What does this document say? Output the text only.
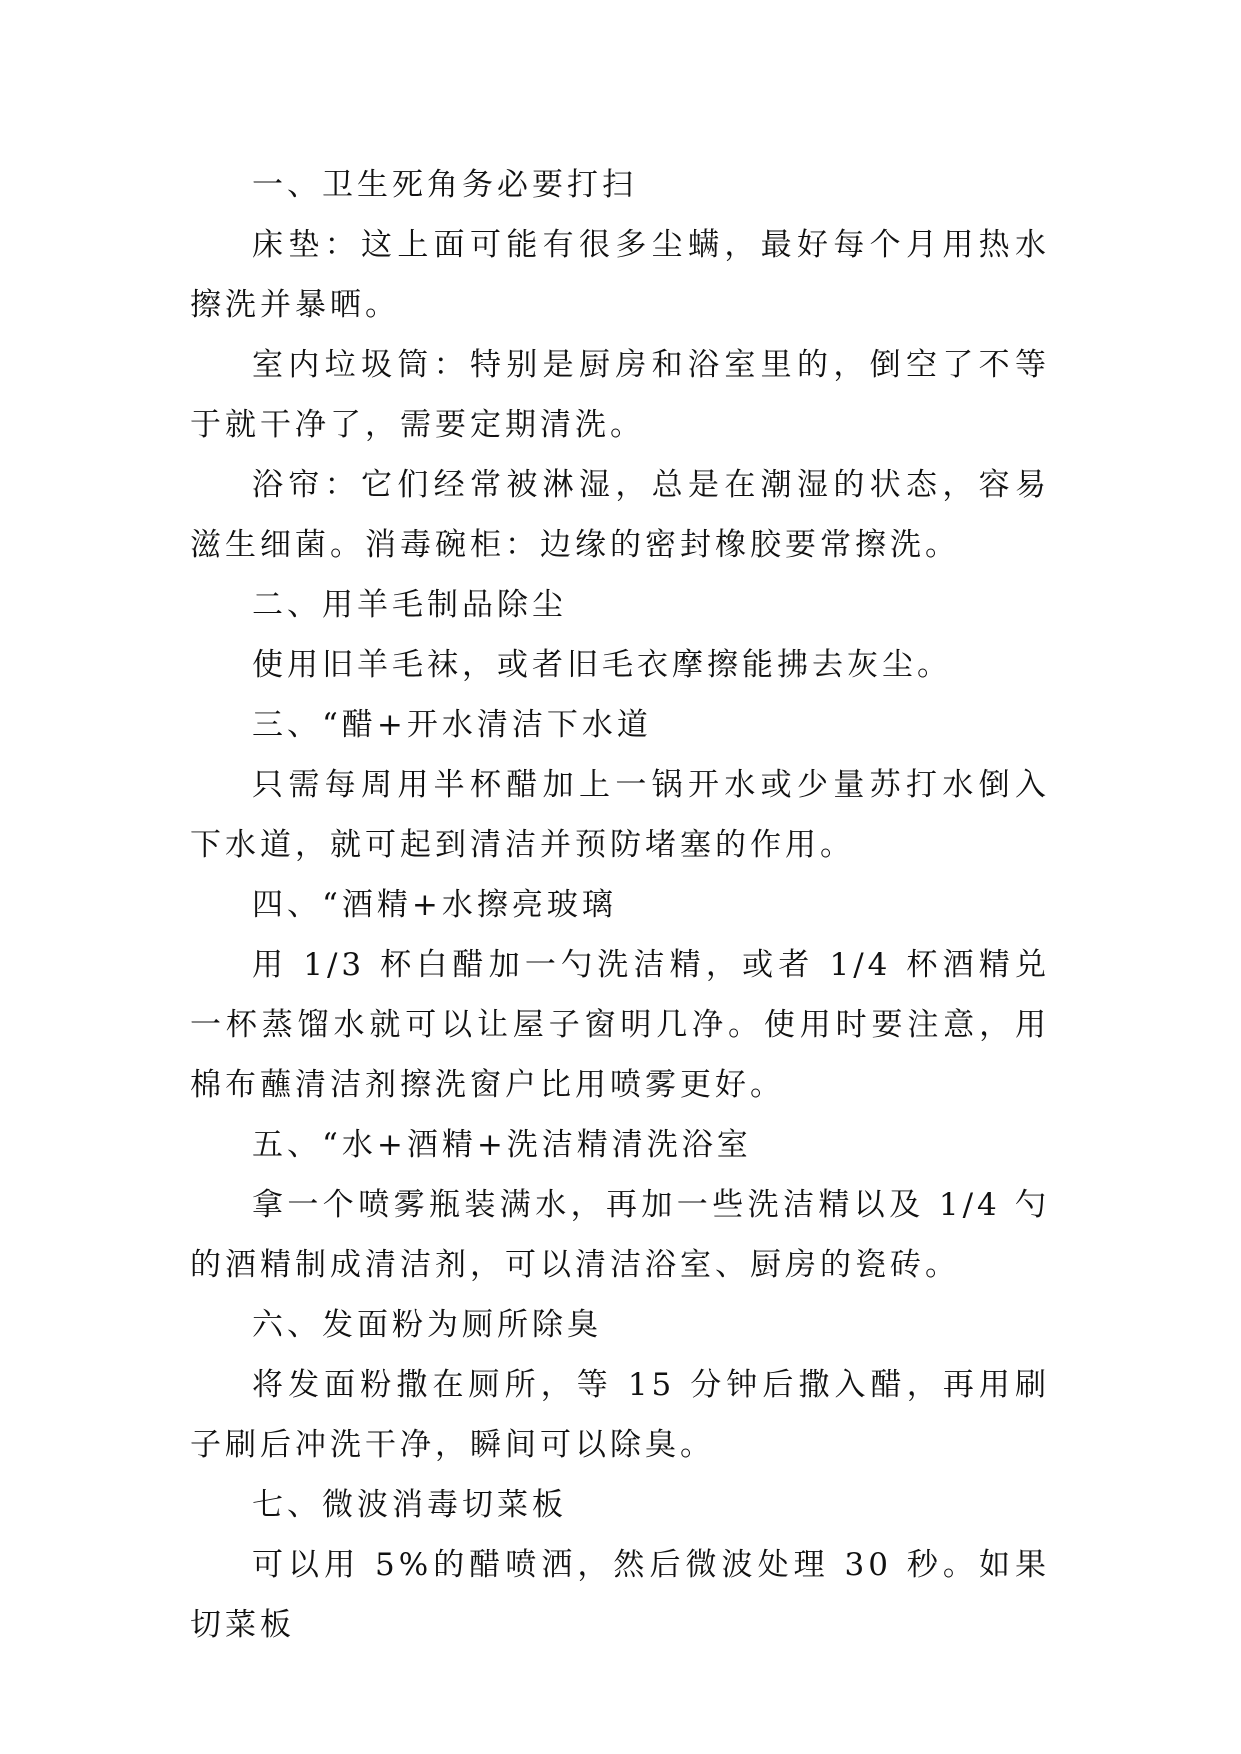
一、卫生死角务必要打扫

床垫：这上面可能有很多尘螨，最好每个月用热水擦洗并暴晒。

室内垃圾筒：特别是厨房和浴室里的，倒空了不等于就干净了，需要定期清洗。

浴帘：它们经常被淋湿，总是在潮湿的状态，容易滋生细菌。消毒碗柜：边缘的密封橡胶要常擦洗。

二、用羊毛制品除尘

使用旧羊毛袜，或者旧毛衣摩擦能拂去灰尘。

三、“醋+开水清洁下水道

只需每周用半杯醋加上一锅开水或少量苏打水倒入下水道，就可起到清洁并预防堵塞的作用。

四、“酒精+水擦亮玻璃

用 1/3 杯白醋加一勺洗洁精，或者 1/4 杯酒精兑一杯蒸馏水就可以让屋子窗明几净。使用时要注意，用棉布蘸清洁剂擦洗窗户比用喷雾更好。

五、“水+酒精+洗洁精清洗浴室

拿一个喷雾瓶装满水，再加一些洗洁精以及 1/4 勺的酒精制成清洁剂，可以清洁浴室、厨房的瓷砖。

六、发面粉为厕所除臭

将发面粉撒在厕所，等 15 分钟后撒入醋，再用刷子刷后冲洗干净，瞬间可以除臭。

七、微波消毒切菜板

可以用 5%的醋喷洒，然后微波处理 30 秒。如果切菜板
